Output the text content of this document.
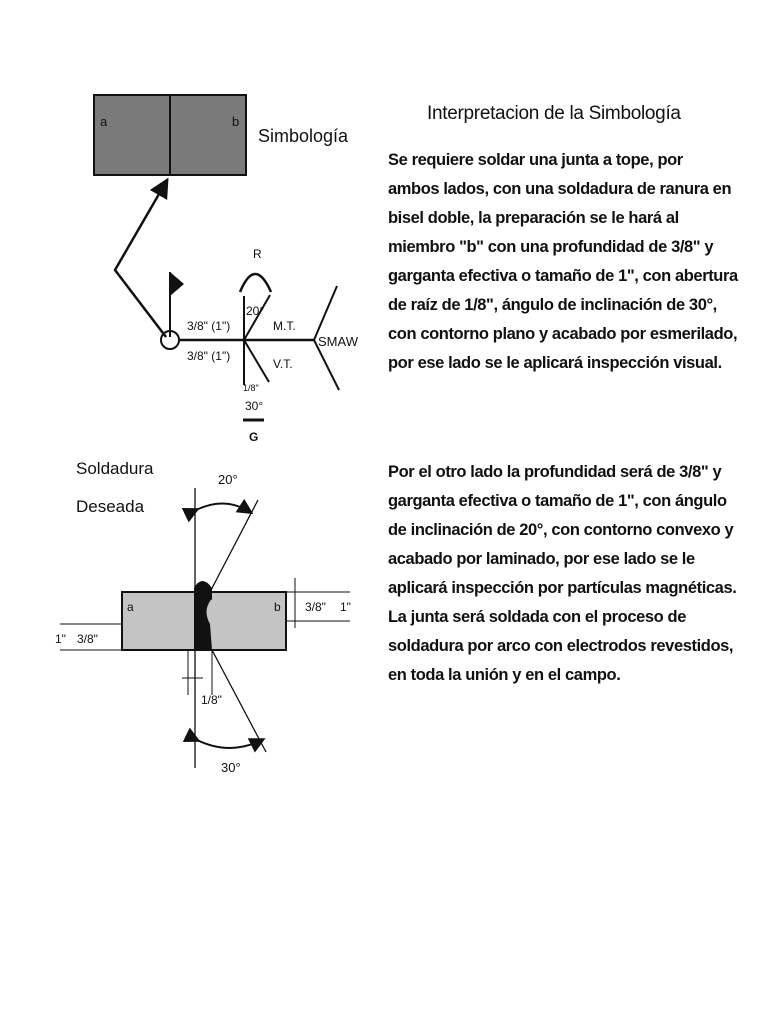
a	b
Simbología
SMAW
R
20°
3/8" (1")
3/8" (1")
M.T.
V.T.
1/8"
30°
G
Soldadura
Deseada
a	b
20°
30°
3/8" 1"
1" 3/8"
1/8"
Interpretacion de la Simbología

Se requiere soldar una junta a tope, por ambos lados, con una soldadura de ranura en bisel doble, la preparación se le hará al miembro "b" con una profundidad de 3/8" y garganta efectiva o tamaño de 1", con abertura de raíz de 1/8", ángulo de inclinación de 30°, con contorno plano y acabado por esmerilado, por ese lado se le aplicará inspección visual.

Por el otro lado la profundidad será de 3/8" y garganta efectiva o tamaño de 1", con ángulo de inclinación de 20°, con contorno convexo y acabado por laminado, por ese lado se le aplicará inspección por partículas magnéticas. La junta será soldada con el proceso de soldadura por arco con electrodos revestidos, en toda la unión y en el campo.
